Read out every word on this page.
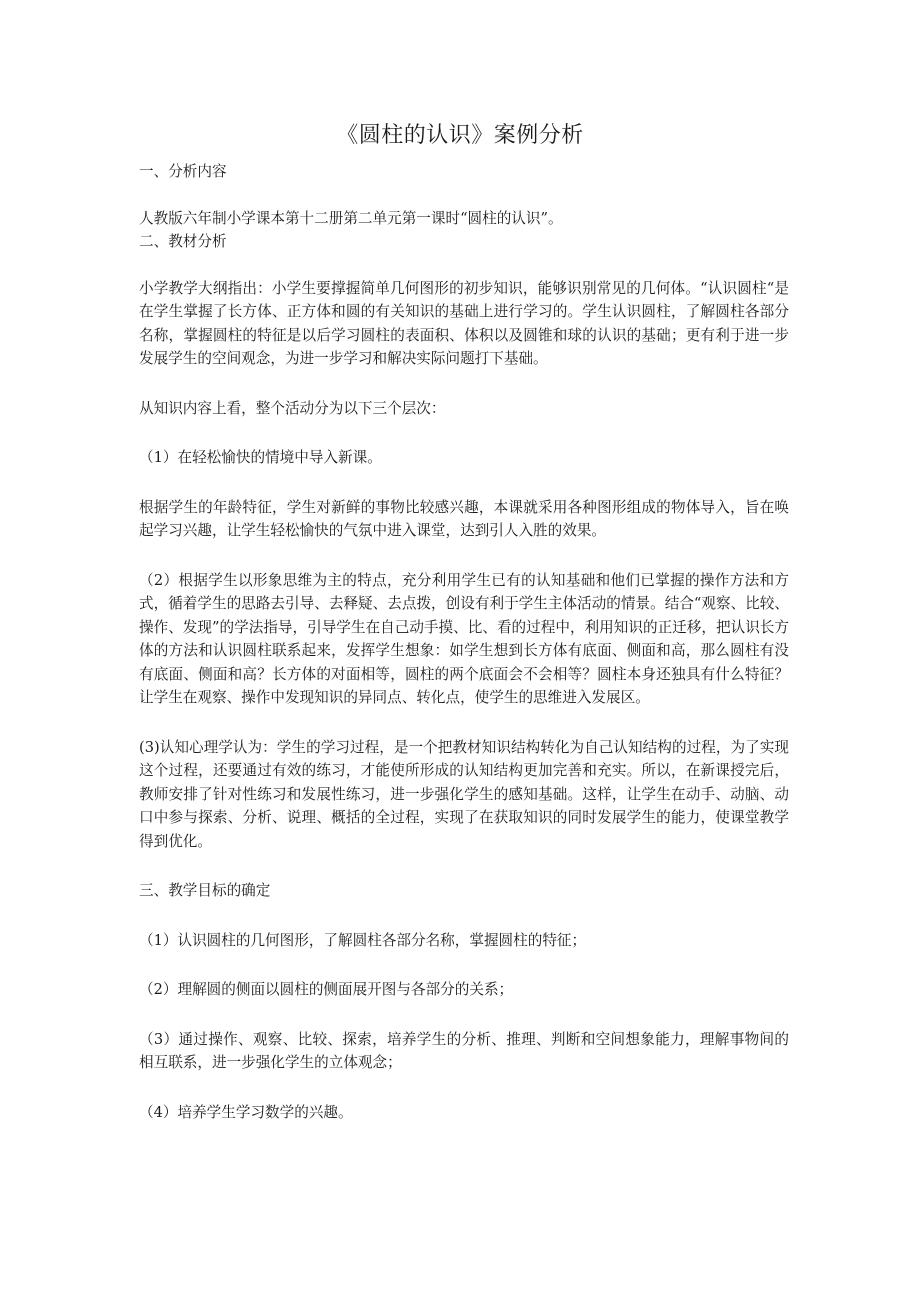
《圆柱的认识》案例分析

一、分析内容

人教版六年制小学课本第十二册第二单元第一课时“圆柱的认识”。

二、教材分析

小学教学大纲指出：小学生要撑握简单几何图形的初步知识，能够识别常见的几何体。“认识圆柱“是在学生掌握了长方体、正方体和圆的有关知识的基础上进行学习的。学生认识圆柱，了解圆柱各部分名称，掌握圆柱的特征是以后学习圆柱的表面积、体积以及圆锥和球的认识的基础；更有利于进一步发展学生的空间观念，为进一步学习和解决实际问题打下基础。

从知识内容上看，整个活动分为以下三个层次：

（1）在轻松愉快的情境中导入新课。

根据学生的年龄特征，学生对新鲜的事物比较感兴趣，本课就采用各种图形组成的物体导入，旨在唤起学习兴趣，让学生轻松愉快的气氛中进入课堂，达到引人入胜的效果。

（2）根据学生以形象思维为主的特点，充分利用学生已有的认知基础和他们已掌握的操作方法和方式，循着学生的思路去引导、去释疑、去点拨，创设有利于学生主体活动的情景。结合“观察、比较、操作、发现”的学法指导，引导学生在自己动手摸、比、看的过程中，利用知识的正迁移，把认识长方体的方法和认识圆柱联系起来，发挥学生想象：如学生想到长方体有底面、侧面和高，那么圆柱有没有底面、侧面和高？长方体的对面相等，圆柱的两个底面会不会相等？圆柱本身还独具有什么特征？让学生在观察、操作中发现知识的异同点、转化点，使学生的思维进入发展区。

(3)认知心理学认为：学生的学习过程，是一个把教材知识结构转化为自己认知结构的过程，为了实现这个过程，还要通过有效的练习，才能使所形成的认知结构更加完善和充实。所以，在新课授完后，教师安排了针对性练习和发展性练习，进一步强化学生的感知基础。这样，让学生在动手、动脑、动口中参与探索、分析、说理、概括的全过程，实现了在获取知识的同时发展学生的能力，使课堂教学得到优化。

三、教学目标的确定

（1）认识圆柱的几何图形，了解圆柱各部分名称，掌握圆柱的特征；

（2）理解圆的侧面以圆柱的侧面展开图与各部分的关系；

（3）通过操作、观察、比较、探索，培养学生的分析、推理、判断和空间想象能力，理解事物间的相互联系，进一步强化学生的立体观念；

（4）培养学生学习数学的兴趣。
